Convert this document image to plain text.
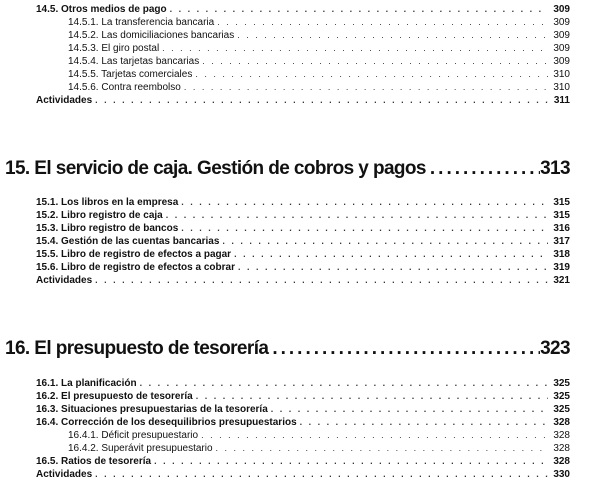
14.5. Otros medios de pago . . .	309
14.5.1. La transferencia bancaria . . .	309
14.5.2. Las domiciliaciones bancarias . . .	309
14.5.3. El giro postal . . .	309
14.5.4. Las tarjetas bancarias . . .	309
14.5.5. Tarjetas comerciales . . .	310
14.5.6. Contra reembolso . . .	310
Actividades . . .	311
15. El servicio de caja. Gestión de cobros y pagos .....	313
15.1. Los libros en la empresa . . .	315
15.2. Libro registro de caja . . .	315
15.3. Libro registro de bancos . . .	316
15.4. Gestión de las cuentas bancarias . . .	317
15.5. Libro de registro de efectos a pagar . . .	318
15.6. Libro de registro de efectos a cobrar . . .	319
Actividades . . .	321
16. El presupuesto de tesorería .....	323
16.1. La planificación . . .	325
16.2. El presupuesto de tesorería . . .	325
16.3. Situaciones presupuestarias de la tesorería . . .	325
16.4. Corrección de los desequilibrios presupuestarios . . .	328
16.4.1. Déficit presupuestario . . .	328
16.4.2. Superávit presupuestario . . .	328
16.5. Ratios de tesorería . . .	328
Actividades . . .	330
